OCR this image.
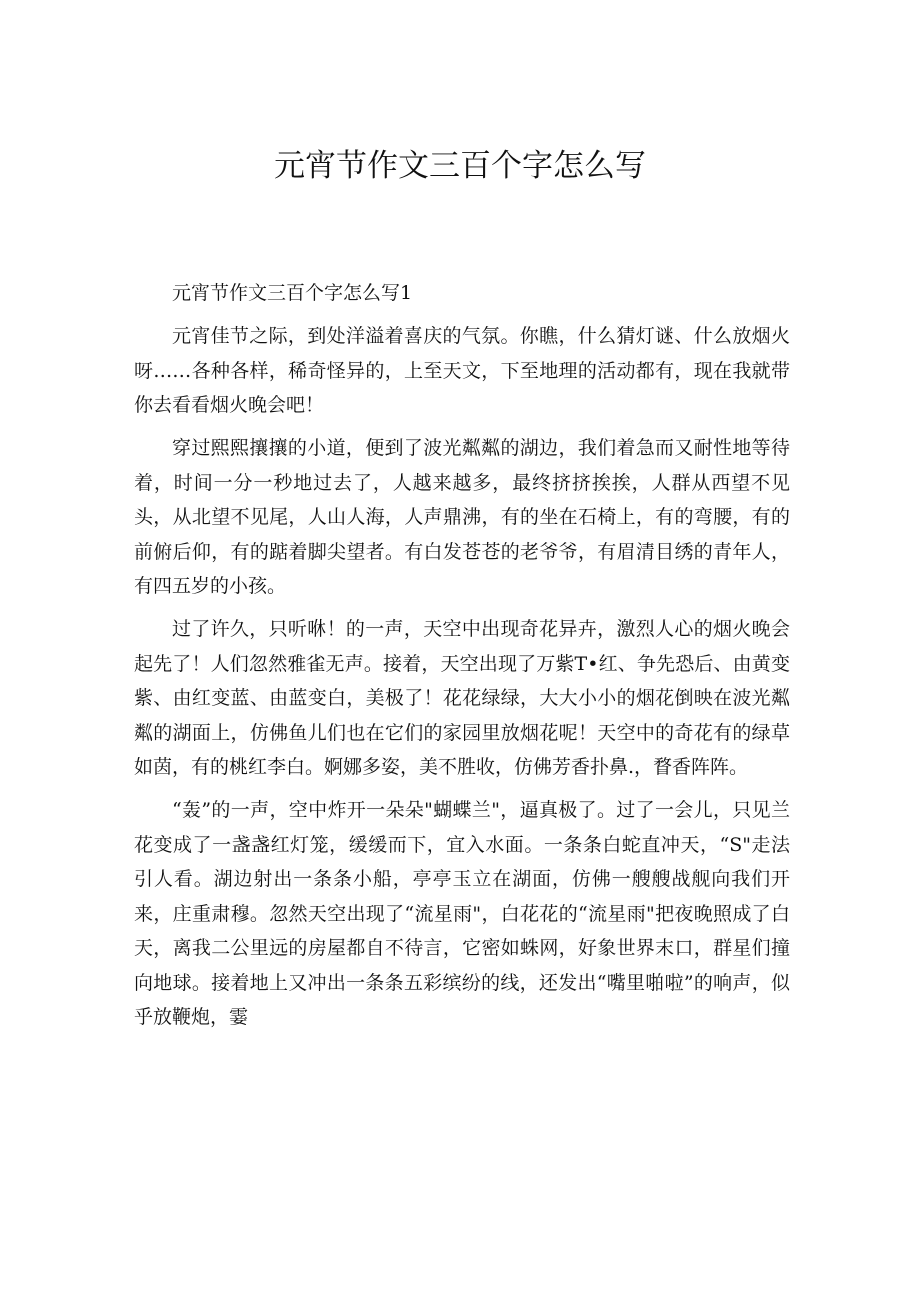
元宵节作文三百个字怎么写

元宵节作文三百个字怎么写1

元宵佳节之际，到处洋溢着喜庆的气氛。你瞧，什么猜灯谜、什么放烟火呀……各种各样，稀奇怪异的，上至天文，下至地理的活动都有，现在我就带你去看看烟火晚会吧！

穿过熙熙攘攘的小道，便到了波光粼粼的湖边，我们着急而又耐性地等待着，时间一分一秒地过去了，人越来越多，最终挤挤挨挨，人群从西望不见头，从北望不见尾，人山人海，人声鼎沸，有的坐在石椅上，有的弯腰，有的前俯后仰，有的踮着脚尖望者。有白发苍苍的老爷爷，有眉清目绣的青年人，有四五岁的小孩。

过了许久，只听咻！的一声，天空中出现奇花异卉，激烈人心的烟火晚会起先了！人们忽然雅雀无声。接着，天空出现了万紫T•红、争先恐后、由黄变紫、由红变蓝、由蓝变白，美极了！花花绿绿，大大小小的烟花倒映在波光粼粼的湖面上，仿佛鱼儿们也在它们的家园里放烟花呢！天空中的奇花有的绿草如茵，有的桃红李白。婀娜多姿，美不胜收，仿佛芳香扑鼻.，瞀香阵阵。

“轰”的一声，空中炸开一朵朵"蝴蝶兰"，逼真极了。过了一会儿，只见兰花变成了一盏盏红灯笼，缓缓而下，宜入水面。一条条白蛇直冲天，“S"走法引人看。湖边射出一条条小船，亭亭玉立在湖面，仿佛一艘艘战舰向我们开来，庄重肃穆。忽然天空出现了“流星雨"，白花花的“流星雨"把夜晚照成了白天，离我二公里远的房屋都自不待言，它密如蛛网，好象世界末口，群星们撞向地球。接着地上又冲出一条条五彩缤纷的线，还发出“嘴里啪啦”的响声，似乎放鞭炮，霎
